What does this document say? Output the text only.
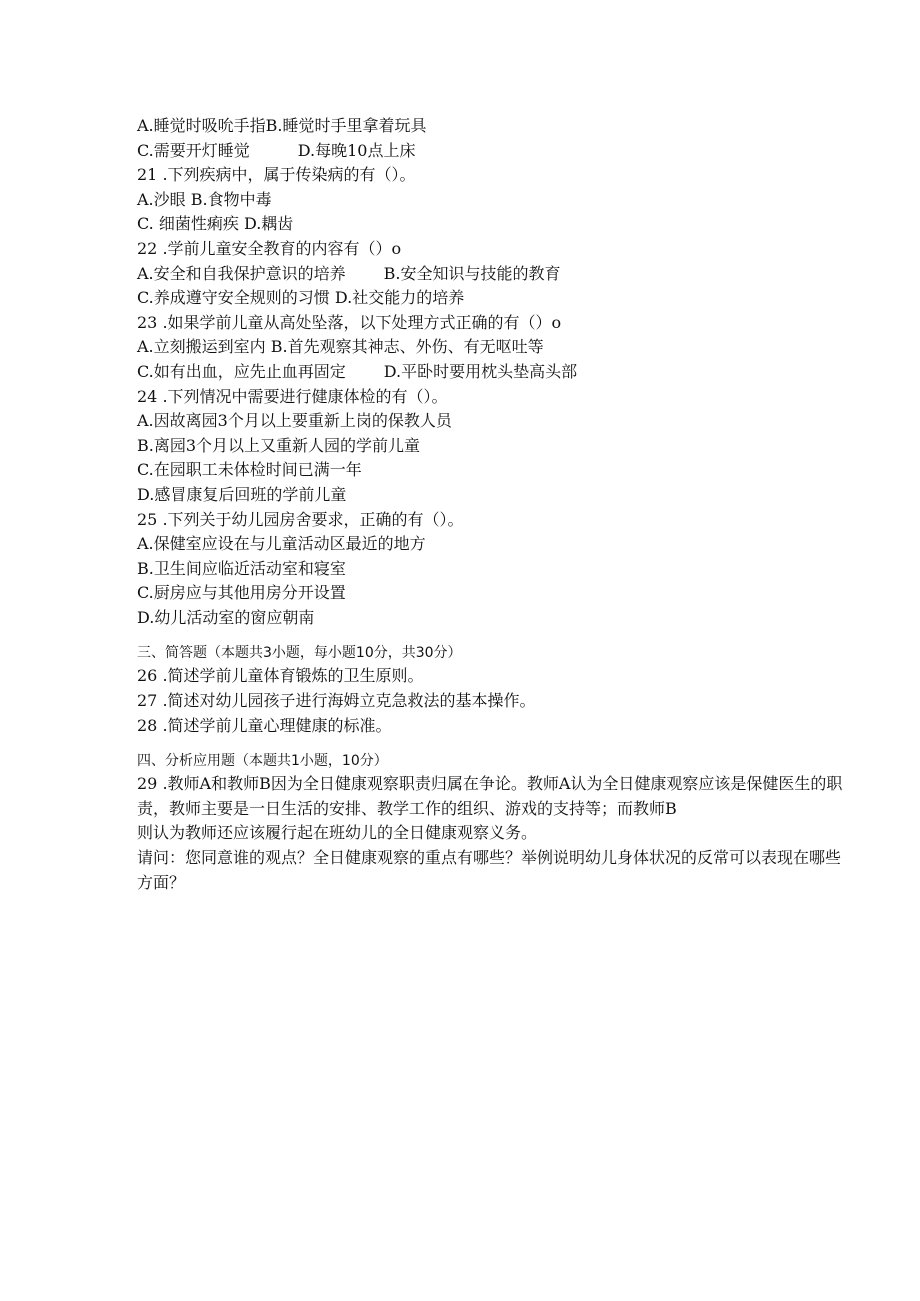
A.睡觉时吸吮手指B.睡觉时手里拿着玩具
C.需要开灯睡觉	D.每晚10点上床
21 .下列疾病中，属于传染病的有（）。
A.沙眼 B.食物中毒
C. 细菌性痢疾 D.耦齿
22 .学前儿童安全教育的内容有（）o
A.安全和自我保护意识的培养 B.安全知识与技能的教育
C.养成遵守安全规则的习惯 D.社交能力的培养
23 .如果学前儿童从高处坠落，以下处理方式正确的有（）o
A.立刻搬运到室内 B.首先观察其神志、外伤、有无呕吐等
C.如有出血，应先止血再固定 D.平卧时要用枕头垫高头部
24 .下列情况中需要进行健康体检的有（）。
A.因故离园3个月以上要重新上岗的保教人员
B.离园3个月以上又重新人园的学前儿童
C.在园职工未体检时间已满一年
D.感冒康复后回班的学前儿童
25 .下列关于幼儿园房舍要求，正确的有（）。
A.保健室应设在与儿童活动区最近的地方
B.卫生间应临近活动室和寝室
C.厨房应与其他用房分开设置
D.幼儿活动室的窗应朝南
三、简答题（本题共3小题，每小题10分，共30分）
26 .简述学前儿童体育锻炼的卫生原则。
27 .简述对幼儿园孩子进行海姆立克急救法的基本操作。
28 .简述学前儿童心理健康的标准。
四、分析应用题（本题共1小题，10分）
29 .教师A和教师B因为全日健康观察职责归属在争论。教师A认为全日健康观察应该是保健医生的职责，教师主要是一日生活的安排、教学工作的组织、游戏的支持等；而教师B
则认为教师还应该履行起在班幼儿的全日健康观察义务。
请问：您同意谁的观点？全日健康观察的重点有哪些？举例说明幼儿身体状况的反常可以表现在哪些方面？
